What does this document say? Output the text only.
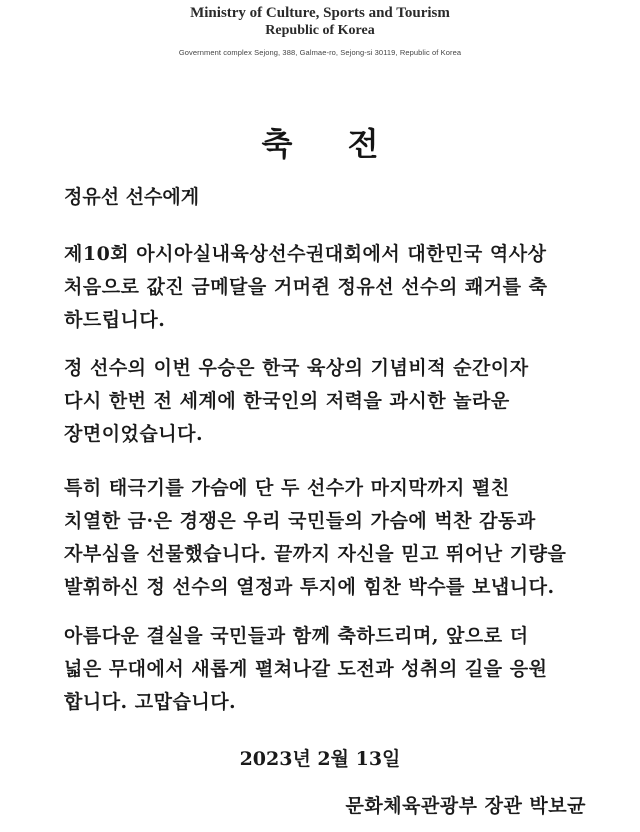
Ministry of Culture, Sports and Tourism
Republic of Korea
Government complex Sejong, 388, Galmae-ro, Sejong-si 30119, Republic of Korea
축 전
정유선 선수에게
제10회 아시아실내육상선수권대회에서 대한민국 역사상
처음으로 값진 금메달을 거머쥔 정유선 선수의 쾌거를 축
하드립니다.
정 선수의 이번 우승은 한국 육상의 기념비적 순간이자
다시 한번 전 세계에 한국인의 저력을 과시한 놀라운
장면이었습니다.
특히 태극기를 가슴에 단 두 선수가 마지막까지 펼친
치열한 금·은 경쟁은 우리 국민들의 가슴에 벅찬 감동과
자부심을 선물했습니다. 끝까지 자신을 믿고 뛰어난 기량을
발휘하신 정 선수의 열정과 투지에 힘찬 박수를 보냅니다.
아름다운 결실을 국민들과 함께 축하드리며, 앞으로 더
넓은 무대에서 새롭게 펼쳐나갈 도전과 성취의 길을 응원
합니다. 고맙습니다.
2023년 2월 13일
문화체육관광부 장관 박보균
